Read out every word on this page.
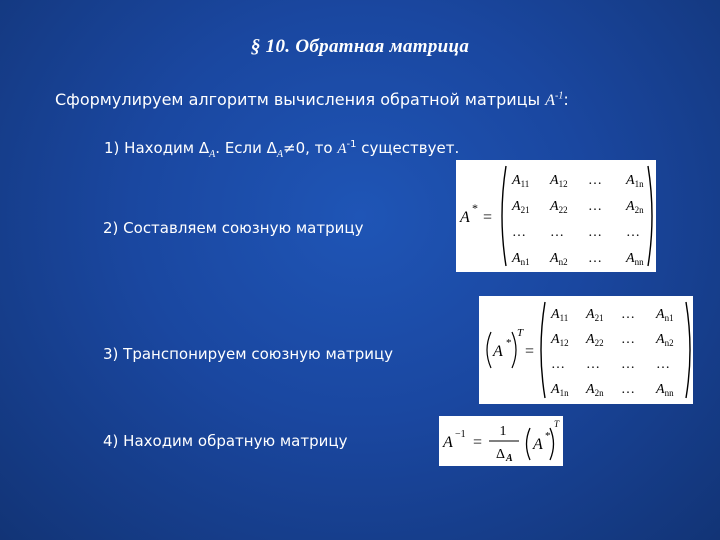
§ 10. Обратная матрица
Сформулируем алгоритм вычисления обратной матрицы $A^{-1}$:
1) Находим $\Delta_A$. Если $\Delta_A\ne 0$, то $A^{-1}$ существует.
2) Составляем союзную матрицу
3) Транспонируем союзную матрицу
4) Находим обратную матрицу
A
*
=
$A_{11}$ $A_{12}$ … $A_{1n}$
$A_{21}$ $A_{22}$ … $A_{2n}$
… … … …
$A_{n1}$ $A_{n2}$ … $A_{nn}$
A *
T
=
$A_{11}$ $A_{21}$ … $A_{n1}$
$A_{12}$ $A_{22}$ … $A_{n2}$
… … … …
$A_{1n}$ $A_{2n}$ … $A_{nn}$
A −1 =
1
Δ A
A *
T
